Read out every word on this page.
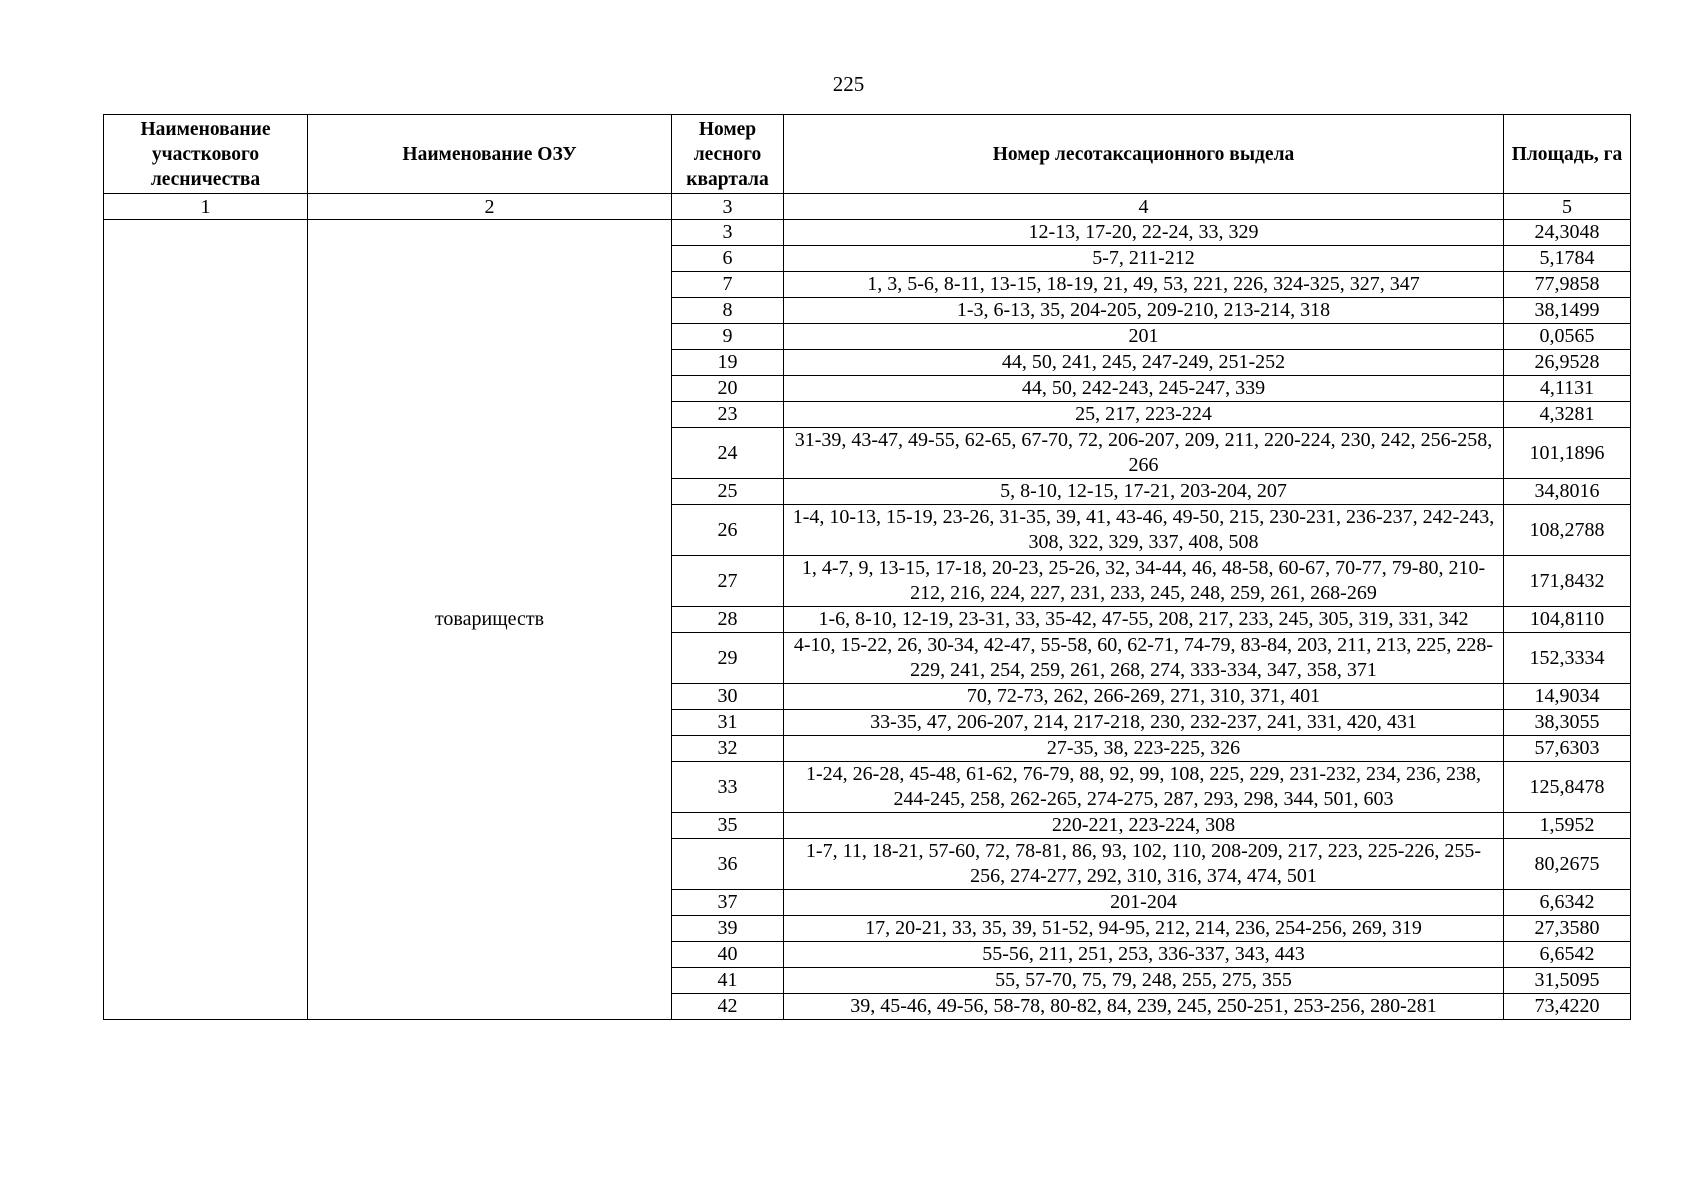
225
Наименование участкового лесничества	Наименование ОЗУ	Номер лесного квартала	Номер лесотаксационного выдела	Площадь, га
1	2	3	4	5
	товариществ	3	12-13, 17-20, 22-24, 33, 329	24,3048
		6	5-7, 211-212	5,1784
		7	1, 3, 5-6, 8-11, 13-15, 18-19, 21, 49, 53, 221, 226, 324-325, 327, 347	77,9858
		8	1-3, 6-13, 35, 204-205, 209-210, 213-214, 318	38,1499
		9	201	0,0565
		19	44, 50, 241, 245, 247-249, 251-252	26,9528
		20	44, 50, 242-243, 245-247, 339	4,1131
		23	25, 217, 223-224	4,3281
		24	31-39, 43-47, 49-55, 62-65, 67-70, 72, 206-207, 209, 211, 220-224, 230, 242, 256-258, 266	101,1896
		25	5, 8-10, 12-15, 17-21, 203-204, 207	34,8016
		26	1-4, 10-13, 15-19, 23-26, 31-35, 39, 41, 43-46, 49-50, 215, 230-231, 236-237, 242-243, 308, 322, 329, 337, 408, 508	108,2788
		27	1, 4-7, 9, 13-15, 17-18, 20-23, 25-26, 32, 34-44, 46, 48-58, 60-67, 70-77, 79-80, 210-212, 216, 224, 227, 231, 233, 245, 248, 259, 261, 268-269	171,8432
		28	1-6, 8-10, 12-19, 23-31, 33, 35-42, 47-55, 208, 217, 233, 245, 305, 319, 331, 342	104,8110
		29	4-10, 15-22, 26, 30-34, 42-47, 55-58, 60, 62-71, 74-79, 83-84, 203, 211, 213, 225, 228-229, 241, 254, 259, 261, 268, 274, 333-334, 347, 358, 371	152,3334
		30	70, 72-73, 262, 266-269, 271, 310, 371, 401	14,9034
		31	33-35, 47, 206-207, 214, 217-218, 230, 232-237, 241, 331, 420, 431	38,3055
		32	27-35, 38, 223-225, 326	57,6303
		33	1-24, 26-28, 45-48, 61-62, 76-79, 88, 92, 99, 108, 225, 229, 231-232, 234, 236, 238, 244-245, 258, 262-265, 274-275, 287, 293, 298, 344, 501, 603	125,8478
		35	220-221, 223-224, 308	1,5952
		36	1-7, 11, 18-21, 57-60, 72, 78-81, 86, 93, 102, 110, 208-209, 217, 223, 225-226, 255-256, 274-277, 292, 310, 316, 374, 474, 501	80,2675
		37	201-204	6,6342
		39	17, 20-21, 33, 35, 39, 51-52, 94-95, 212, 214, 236, 254-256, 269, 319	27,3580
		40	55-56, 211, 251, 253, 336-337, 343, 443	6,6542
		41	55, 57-70, 75, 79, 248, 255, 275, 355	31,5095
		42	39, 45-46, 49-56, 58-78, 80-82, 84, 239, 245, 250-251, 253-256, 280-281	73,4220
